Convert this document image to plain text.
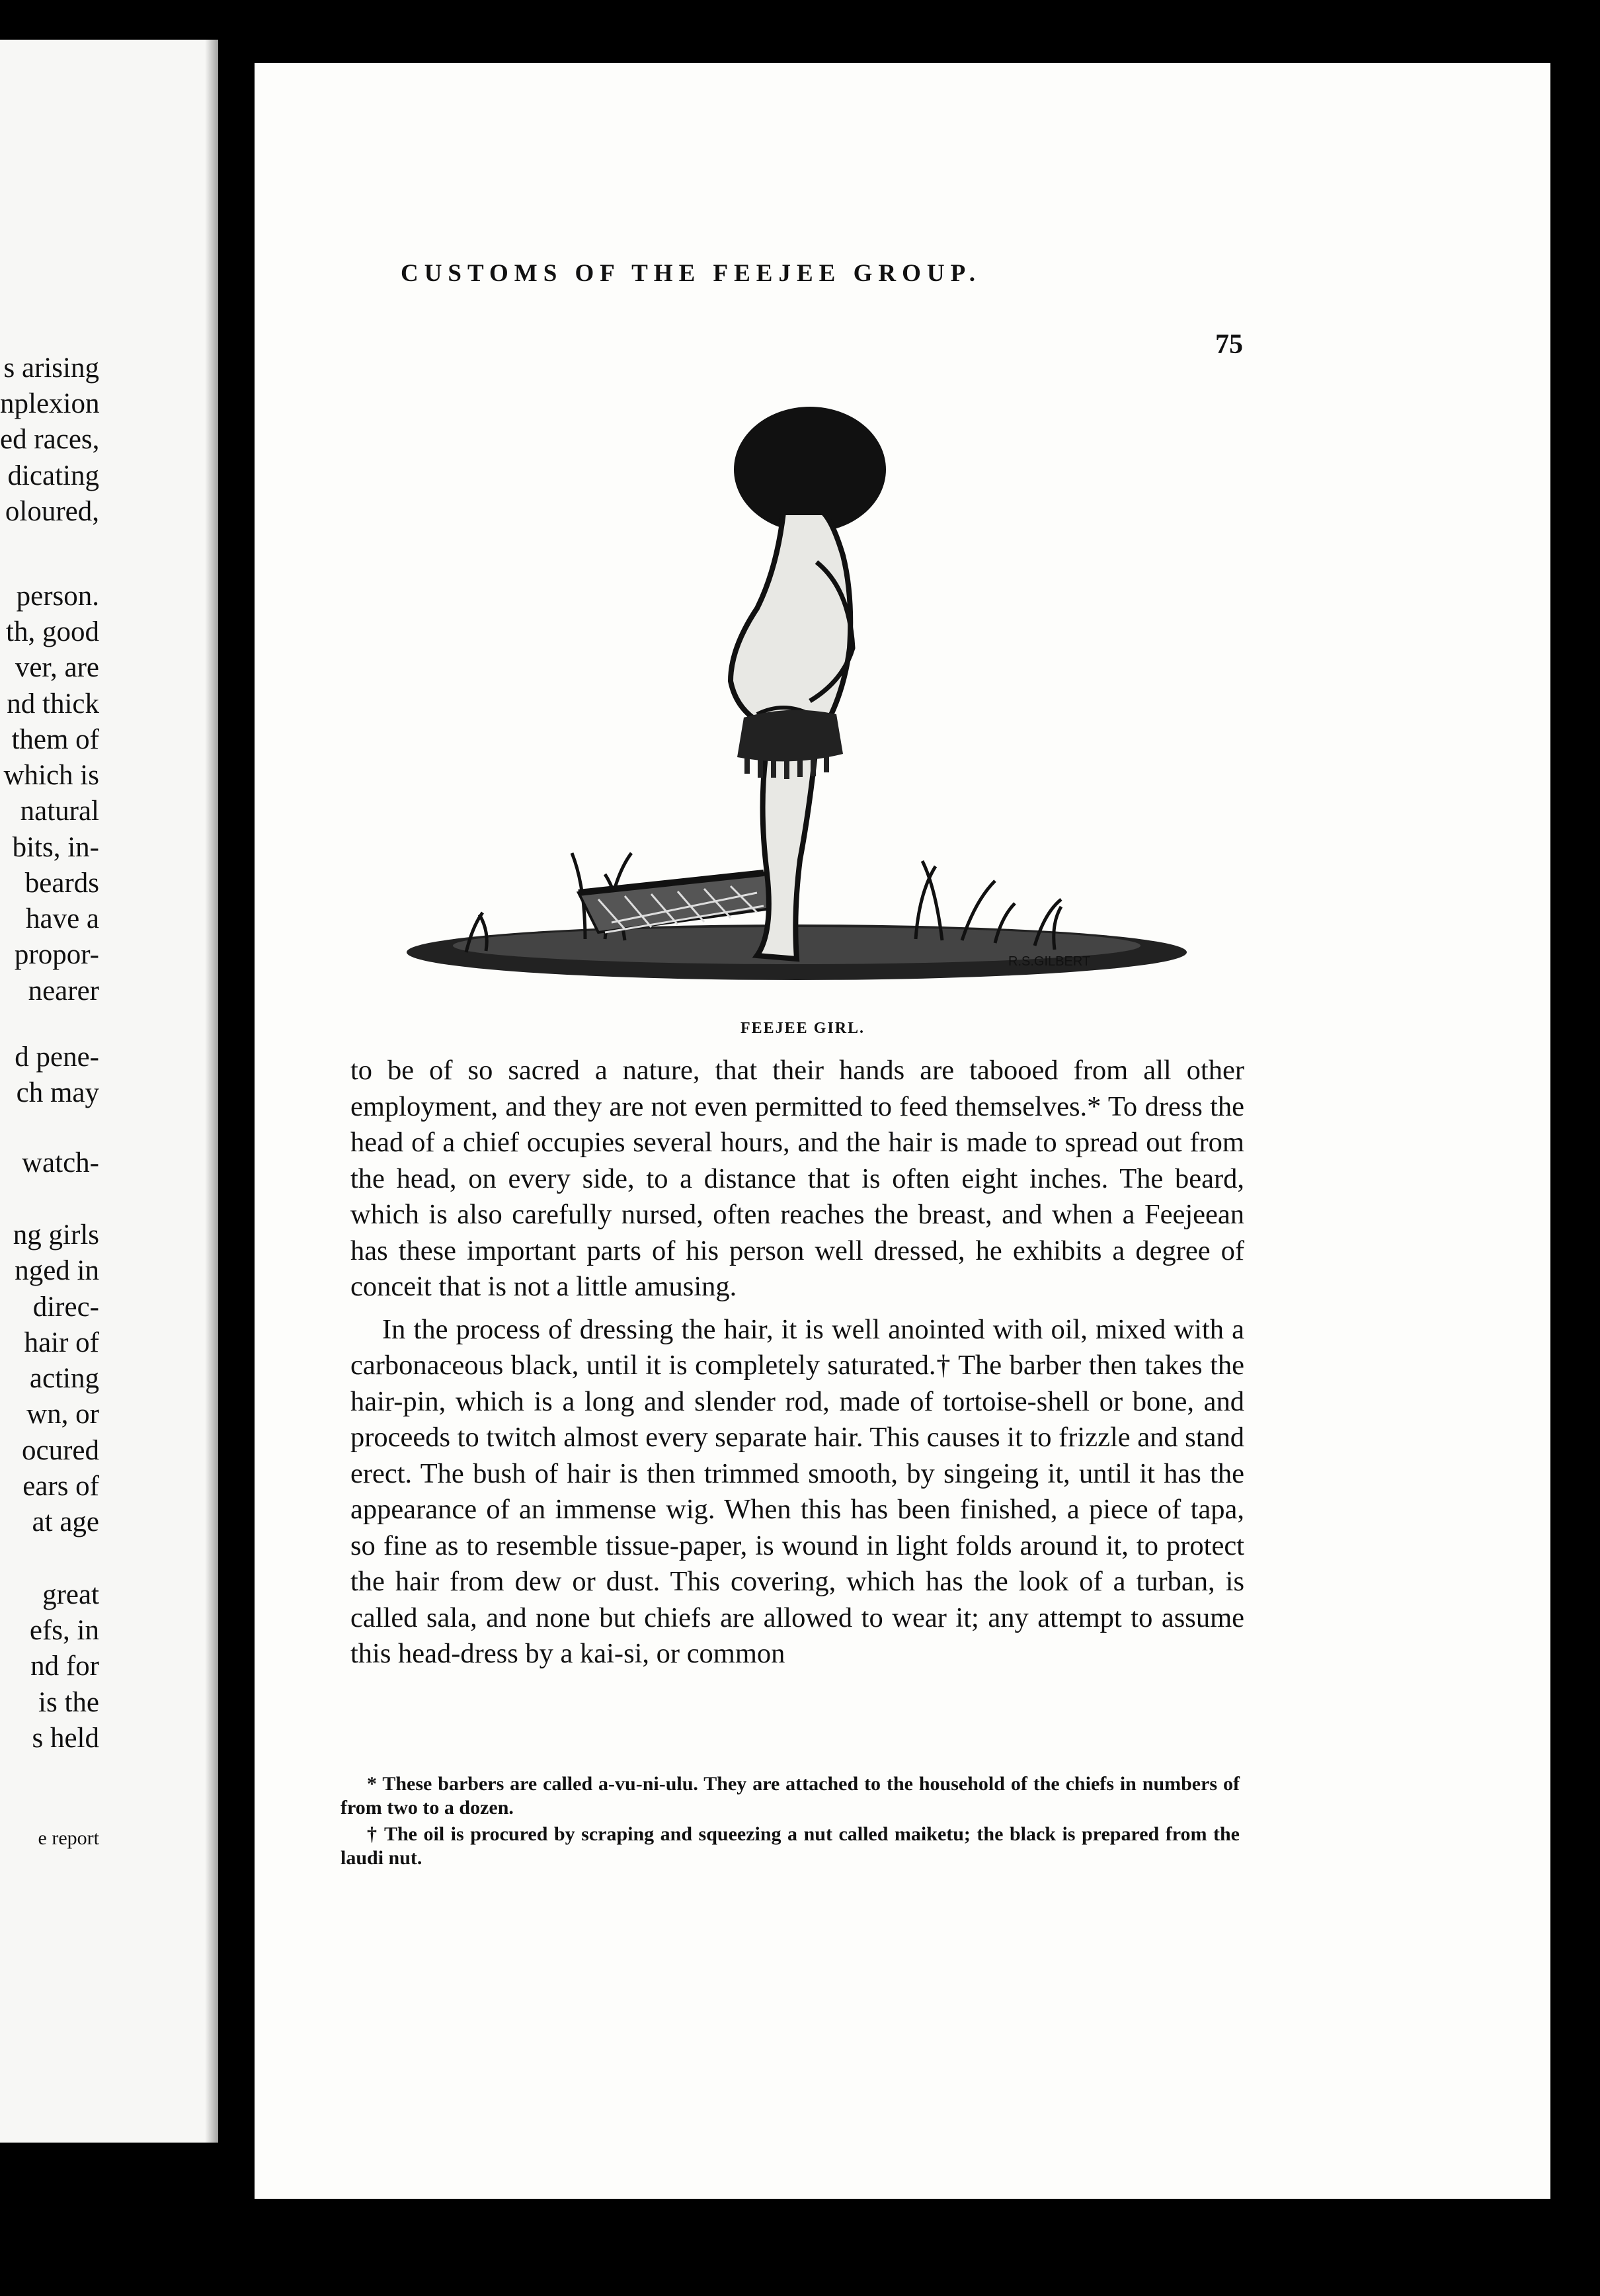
s arising
nplexion
ed races,
dicating
oloured,
person.
th, good
ver, are
nd thick
them of
which is
natural
bits, in-
beards
have a
propor-
nearer
d pene-
ch may
watch-
ng girls
nged in
direc-
hair of
acting
wn, or
ocured
ears of
at age
great
efs, in
nd for
is the
s held
e report
CUSTOMS OF THE FEEJEE GROUP.
75
R.S.GILBERT
FEEJEE GIRL.

to be of so sacred a nature, that their hands are tabooed from all other employment, and they are not even permitted to feed themselves.* To dress the head of a chief occupies several hours, and the hair is made to spread out from the head, on every side, to a distance that is often eight inches. The beard, which is also carefully nursed, often reaches the breast, and when a Feejeean has these important parts of his person well dressed, he exhibits a degree of conceit that is not a little amusing.

In the process of dressing the hair, it is well anointed with oil, mixed with a carbonaceous black, until it is completely saturated.† The barber then takes the hair-pin, which is a long and slender rod, made of tortoise-shell or bone, and proceeds to twitch almost every separate hair. This causes it to frizzle and stand erect. The bush of hair is then trimmed smooth, by singeing it, until it has the appearance of an immense wig. When this has been finished, a piece of tapa, so fine as to resemble tissue-paper, is wound in light folds around it, to protect the hair from dew or dust. This covering, which has the look of a turban, is called sala, and none but chiefs are allowed to wear it; any attempt to assume this head-dress by a kai-si, or common

* These barbers are called a-vu-ni-ulu. They are attached to the household of the chiefs in numbers of from two to a dozen.

† The oil is procured by scraping and squeezing a nut called maiketu; the black is prepared from the laudi nut.
